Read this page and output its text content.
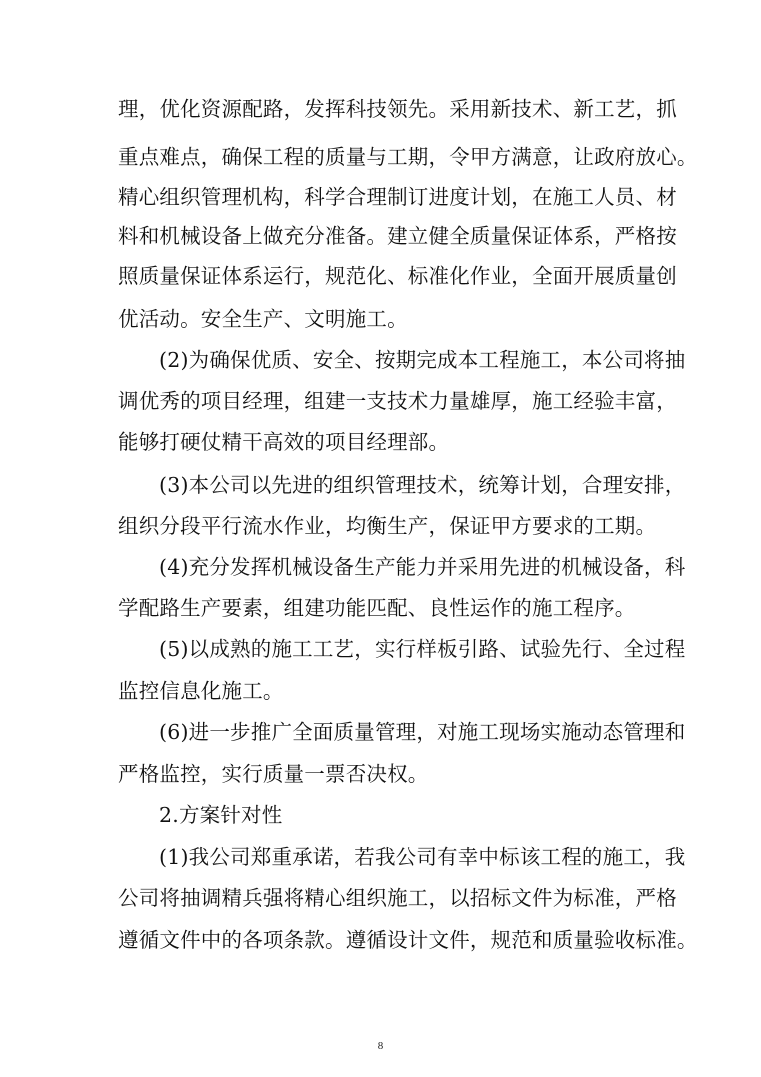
理，优化资源配路，发挥科技领先。采用新技术、新工艺，抓
重点难点，确保工程的质量与工期，令甲方满意，让政府放心。
精心组织管理机构，科学合理制订进度计划，在施工人员、材
料和机械设备上做充分准备。建立健全质量保证体系，严格按
照质量保证体系运行，规范化、标准化作业，全面开展质量创
优活动。安全生产、文明施工。
(2)为确保优质、安全、按期完成本工程施工，本公司将抽
调优秀的项目经理，组建一支技术力量雄厚，施工经验丰富，
能够打硬仗精干高效的项目经理部。
(3)本公司以先进的组织管理技术，统筹计划，合理安排，
组织分段平行流水作业，均衡生产，保证甲方要求的工期。
(4)充分发挥机械设备生产能力并采用先进的机械设备，科
学配路生产要素，组建功能匹配、良性运作的施工程序。
(5)以成熟的施工工艺，实行样板引路、试验先行、全过程
监控信息化施工。
(6)进一步推广全面质量管理，对施工现场实施动态管理和
严格监控，实行质量一票否决权。
2.方案针对性
(1)我公司郑重承诺，若我公司有幸中标该工程的施工，我
公司将抽调精兵强将精心组织施工，以招标文件为标准，严格
遵循文件中的各项条款。遵循设计文件，规范和质量验收标准。
8
